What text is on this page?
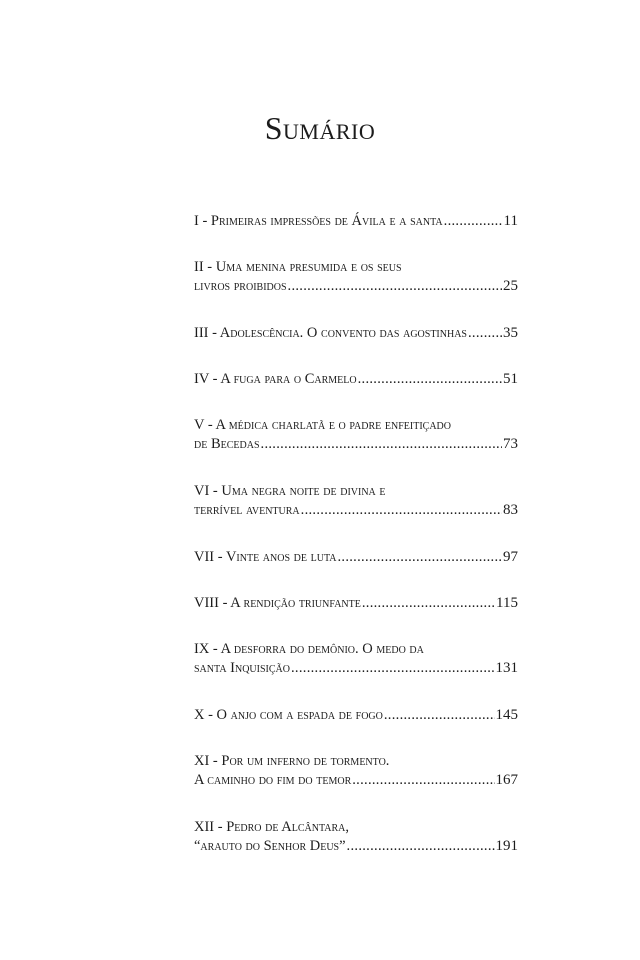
Sumário
I - Primeiras impressões de Ávila e a santa .....	11
II - Uma menina presumida e os seus
livros proibidos .....	25
III - Adolescência. O convento das agostinhas ..... 35
IV - A fuga para o Carmelo .....	51
V - A médica charlatã e o padre enfeitiçado
de Becedas .....	73
VI - Uma negra noite de divina e
terrível aventura .....	83
VII - Vinte anos de luta .....	97
VIII - A rendição triunfante .....	115
IX - A desforra do demônio. O medo da
santa Inquisição .....	131
X - O anjo com a espada de fogo .....	145
XI - Por um inferno de tormento.
A caminho do fim do temor .....	167
XII - Pedro de Alcântara,
“arauto do Senhor Deus” .....	191
